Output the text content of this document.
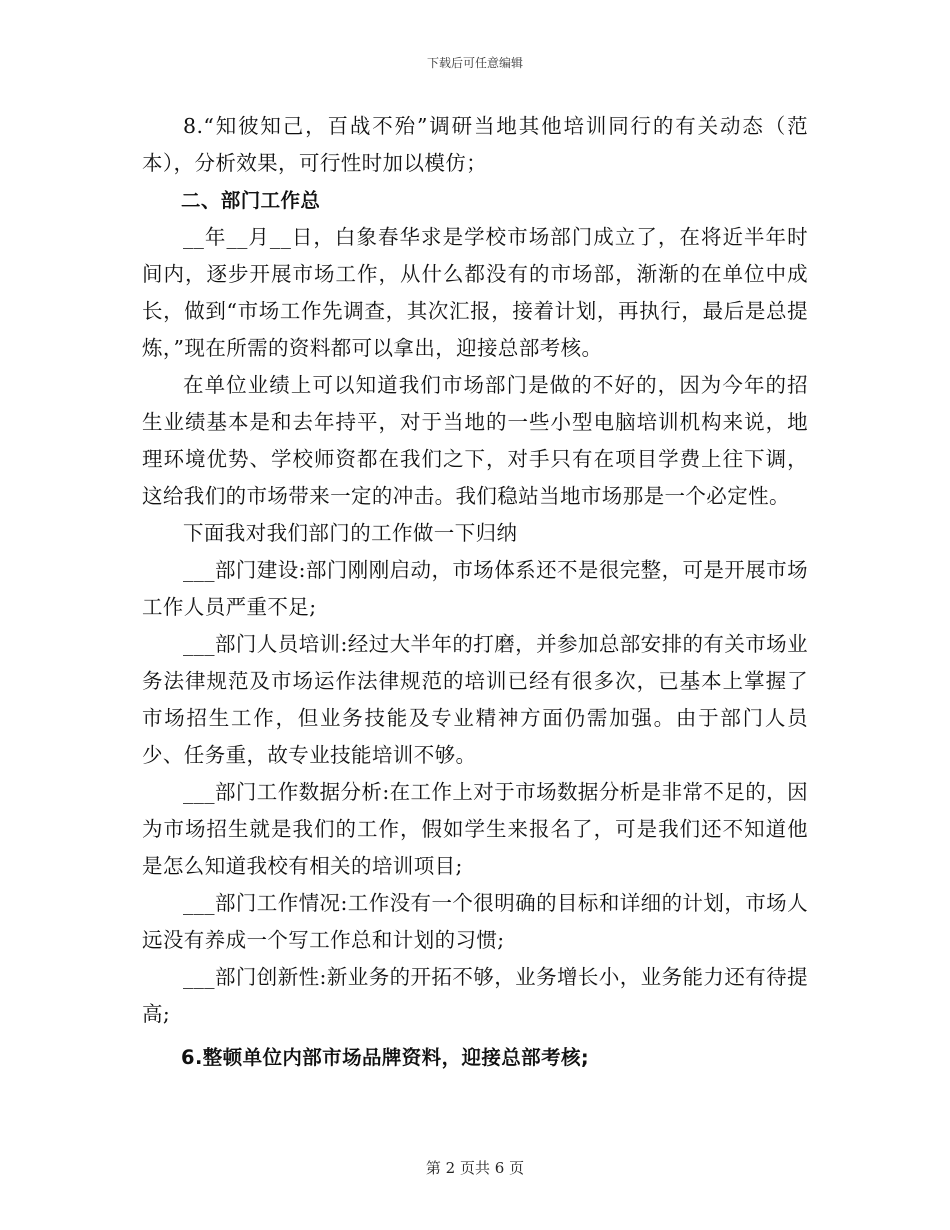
下载后可任意编辑

8.“知彼知己，百战不殆”调研当地其他培训同行的有关动态（范本），分析效果，可行性时加以模仿；

二、部门工作总

__年__月__日，白象春华求是学校市场部门成立了，在将近半年时间内，逐步开展市场工作，从什么都没有的市场部，渐渐的在单位中成长，做到“市场工作先调查，其次汇报，接着计划，再执行，最后是总提炼，”现在所需的资料都可以拿出，迎接总部考核。

在单位业绩上可以知道我们市场部门是做的不好的，因为今年的招生业绩基本是和去年持平，对于当地的一些小型电脑培训机构来说，地理环境优势、学校师资都在我们之下，对手只有在项目学费上往下调，这给我们的市场带来一定的冲击。我们稳站当地市场那是一个必定性。

下面我对我们部门的工作做一下归纳

___部门建设:部门刚刚启动，市场体系还不是很完整，可是开展市场工作人员严重不足;

___部门人员培训:经过大半年的打磨，并参加总部安排的有关市场业务法律规范及市场运作法律规范的培训已经有很多次，已基本上掌握了市场招生工作，但业务技能及专业精神方面仍需加强。由于部门人员少、任务重，故专业技能培训不够。

___部门工作数据分析:在工作上对于市场数据分析是非常不足的，因为市场招生就是我们的工作，假如学生来报名了，可是我们还不知道他是怎么知道我校有相关的培训项目;

___部门工作情况:工作没有一个很明确的目标和详细的计划，市场人远没有养成一个写工作总和计划的习惯;

___部门创新性:新业务的开拓不够，业务增长小，业务能力还有待提高;

6.整顿单位内部市场品牌资料，迎接总部考核;

第 2 页共 6 页
